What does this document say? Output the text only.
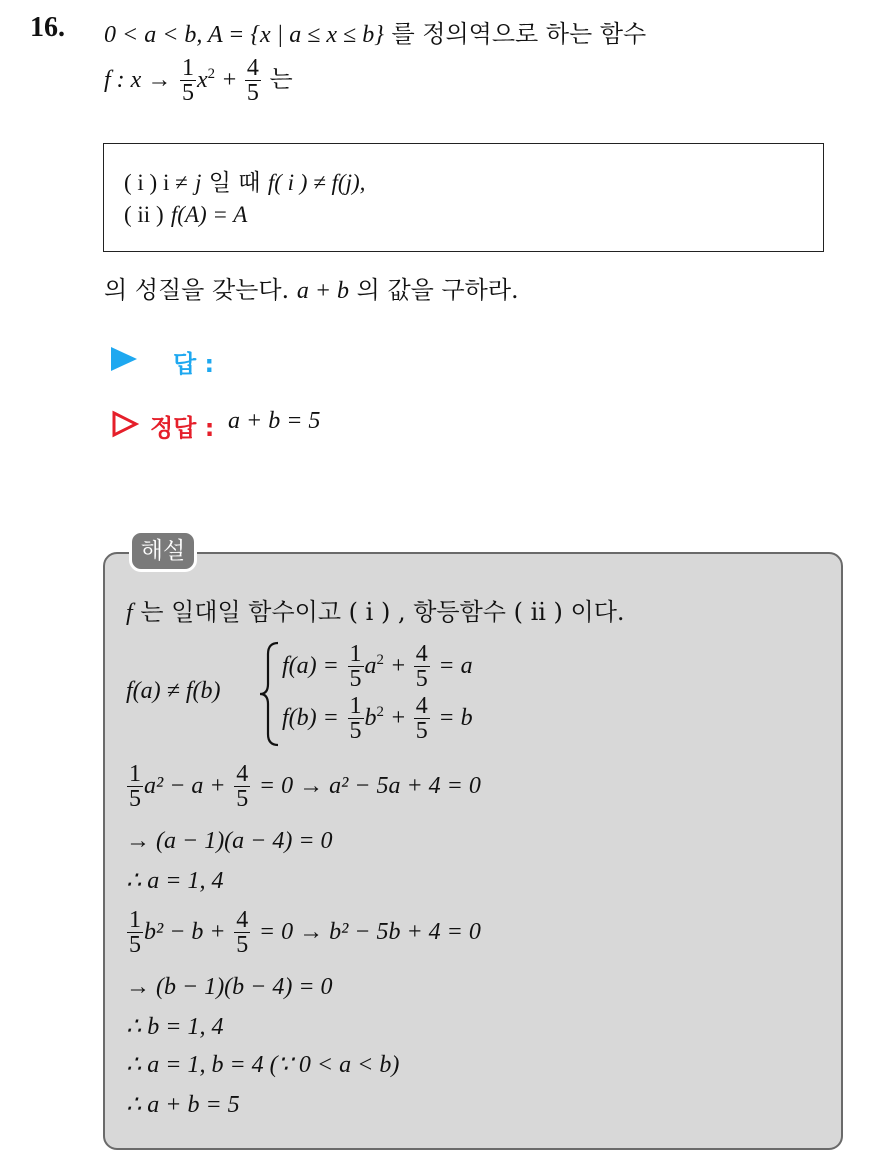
16. 0 < a < b, A = {x | a ≤ x ≤ b} 를 정의역으로 하는 함수
f : $x \to \frac{1}{5} x^2 + \frac{4}{5}$ 는
( i ) i ≠ j 일 때 f( i ) ≠ f(j),
( ii ) f(A) = A
의 성질을 갖는다. a + b 의 값을 구하라.
답 :
정답 : a + b = 5
해설
f 는 일대일 함수이고 ( i ) , 항등함수 ( ii ) 이다.
f(a) ≠ f(b)
$f(a) = \frac{1}{5} a^2 + \frac{4}{5} = a$
$f(b) = \frac{1}{5} b^2 + \frac{4}{5} = b$
$\frac{1}{5} a^2 - a + \frac{4}{5} = 0 \to a^2 - 5a + 4 = 0$
→ (a − 1)(a − 4) = 0
∴ a = 1, 4
$\frac{1}{5} b^2 - b + \frac{4}{5} = 0 \to b^2 - 5b + 4 = 0$
→ (b − 1)(b − 4) = 0
∴ b = 1, 4
∴ a = 1, b = 4 (∵ 0 < a < b)
∴ a + b = 5
